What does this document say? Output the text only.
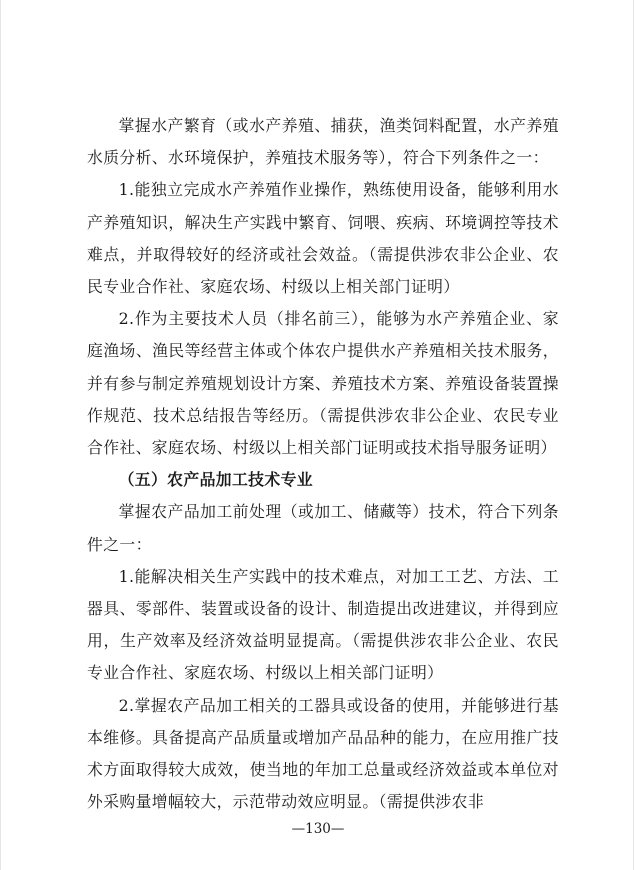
掌握水产繁育（或水产养殖、捕获，渔类饲料配置，水产养殖水质分析、水环境保护，养殖技术服务等），符合下列条件之一：

1.能独立完成水产养殖作业操作，熟练使用设备，能够利用水产养殖知识，解决生产实践中繁育、饲喂、疾病、环境调控等技术难点，并取得较好的经济或社会效益。（需提供涉农非公企业、农民专业合作社、家庭农场、村级以上相关部门证明）

2.作为主要技术人员（排名前三），能够为水产养殖企业、家庭渔场、渔民等经营主体或个体农户提供水产养殖相关技术服务，并有参与制定养殖规划设计方案、养殖技术方案、养殖设备装置操作规范、技术总结报告等经历。（需提供涉农非公企业、农民专业合作社、家庭农场、村级以上相关部门证明或技术指导服务证明）

（五）农产品加工技术专业

掌握农产品加工前处理（或加工、储藏等）技术，符合下列条件之一：

1.能解决相关生产实践中的技术难点，对加工工艺、方法、工器具、零部件、装置或设备的设计、制造提出改进建议，并得到应用，生产效率及经济效益明显提高。（需提供涉农非公企业、农民专业合作社、家庭农场、村级以上相关部门证明）

2.掌握农产品加工相关的工器具或设备的使用，并能够进行基本维修。具备提高产品质量或增加产品品种的能力，在应用推广技术方面取得较大成效，使当地的年加工总量或经济效益或本单位对外采购量增幅较大，示范带动效应明显。（需提供涉农非

—130—
